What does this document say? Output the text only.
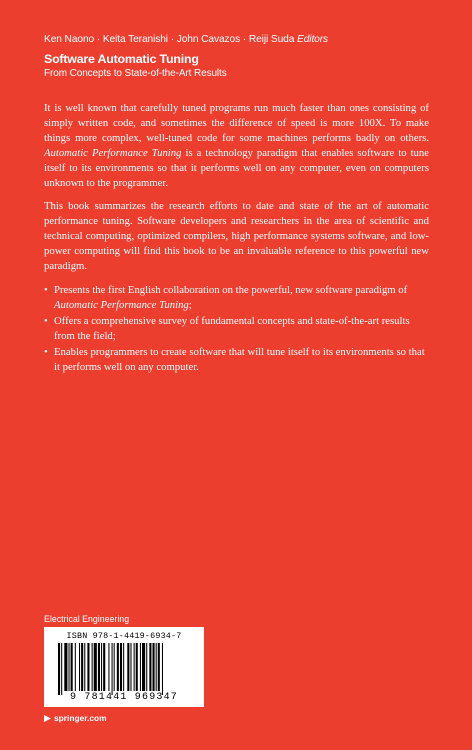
Ken Naono · Keita Teranishi · John Cavazos · Reiji Suda Editors
Software Automatic Tuning
From Concepts to State-of-the-Art Results

It is well known that carefully tuned programs run much faster than ones consisting of simply written code, and sometimes the difference of speed is more 100X. To make things more complex, well-tuned code for some machines performs badly on others. Automatic Performance Tuning is a technology paradigm that enables software to tune itself to its environments so that it performs well on any computer, even on computers unknown to the programmer.

This book summarizes the research efforts to date and state of the art of automatic performance tuning. Software developers and researchers in the area of scientific and technical computing, optimized compilers, high performance systems software, and low-power computing will find this book to be an invaluable reference to this powerful new paradigm.

• Presents the first English collaboration on the powerful, new software paradigm of Automatic Performance Tuning;
• Offers a comprehensive survey of fundamental concepts and state-of-the-art results from the field;
• Enables programmers to create software that will tune itself to its environments so that it performs well on any computer.
Electrical Engineering
ISBN 978-1-4419-6934-7
9 781441 969347
springer.com
